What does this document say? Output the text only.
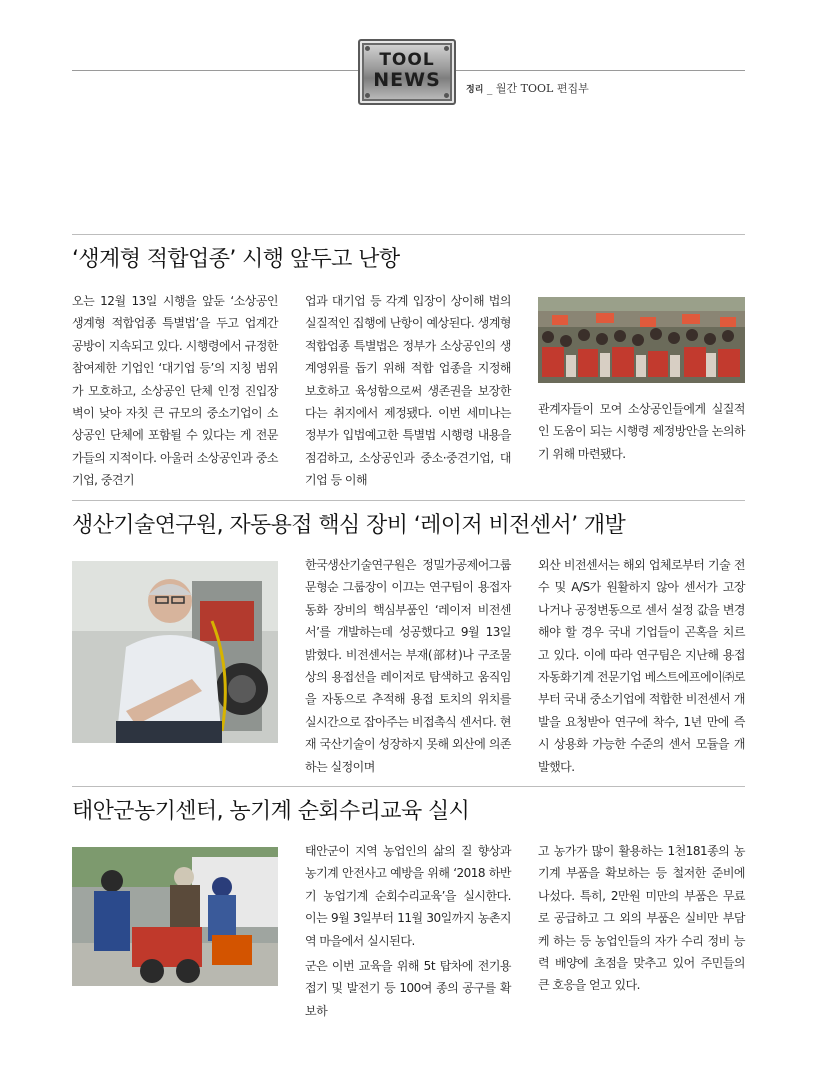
TOOL
NEWS	정리 _ 월간 TOOL 편집부
‘생계형 적합업종’ 시행 앞두고 난항

오는 12월 13일 시행을 앞둔 ‘소상공인 생계형 적합업종 특별법’을 두고 업계간 공방이 지속되고 있다. 시행령에서 규정한 참여제한 기업인 ‘대기업 등’의 지칭 범위가 모호하고, 소상공인 단체 인정 진입장벽이 낮아 자칫 큰 규모의 중소기업이 소상공인 단체에 포함될 수 있다는 게 전문가들의 지적이다. 아울러 소상공인과 중소기업, 중견기

업과 대기업 등 각계 입장이 상이해 법의 실질적인 집행에 난항이 예상된다. 생계형 적합업종 특별법은 정부가 소상공인의 생계영위를 돕기 위해 적합 업종을 지정해 보호하고 육성함으로써 생존권을 보장한다는 취지에서 제정됐다. 이번 세미나는 정부가 입법예고한 특별법 시행령 내용을 점검하고, 소상공인과 중소·중견기업, 대기업 등 이해

관계자들이 모여 소상공인들에게 실질적인 도움이 되는 시행령 제정방안을 논의하기 위해 마련됐다.

생산기술연구원, 자동용접 핵심 장비 ‘레이저 비전센서’ 개발

한국생산기술연구원은 정밀가공제어그룹 문형순 그룹장이 이끄는 연구팀이 용접자동화 장비의 핵심부품인 ‘레이저 비전센서’를 개발하는데 성공했다고 9월 13일 밝혔다. 비전센서는 부재(部材)나 구조물 상의 용접선을 레이저로 탐색하고 움직임을 자동으로 추적해 용접 토치의 위치를 실시간으로 잡아주는 비접촉식 센서다. 현재 국산기술이 성장하지 못해 외산에 의존하는 실정이며

외산 비전센서는 해외 업체로부터 기술 전수 및 A/S가 원활하지 않아 센서가 고장 나거나 공정변동으로 센서 설정 값을 변경해야 할 경우 국내 기업들이 곤혹을 치르고 있다. 이에 따라 연구팀은 지난해 용접자동화기계 전문기업 베스트에프에이㈜로부터 국내 중소기업에 적합한 비전센서 개발을 요청받아 연구에 착수, 1년 만에 즉시 상용화 가능한 수준의 센서 모듈을 개발했다.

태안군농기센터, 농기계 순회수리교육 실시

태안군이 지역 농업인의 삶의 질 향상과 농기계 안전사고 예방을 위해 ‘2018 하반기 농업기계 순회수리교육’을 실시한다. 이는 9월 3일부터 11월 30일까지 농촌지역 마을에서 실시된다.

군은 이번 교육을 위해 5t 탑차에 전기용접기 및 발전기 등 100여 종의 공구를 확보하

고 농가가 많이 활용하는 1천181종의 농기계 부품을 확보하는 등 철저한 준비에 나섰다. 특히, 2만원 미만의 부품은 무료로 공급하고 그 외의 부품은 실비만 부담케 하는 등 농업인들의 자가 수리 정비 능력 배양에 초점을 맞추고 있어 주민들의 큰 호응을 얻고 있다.
